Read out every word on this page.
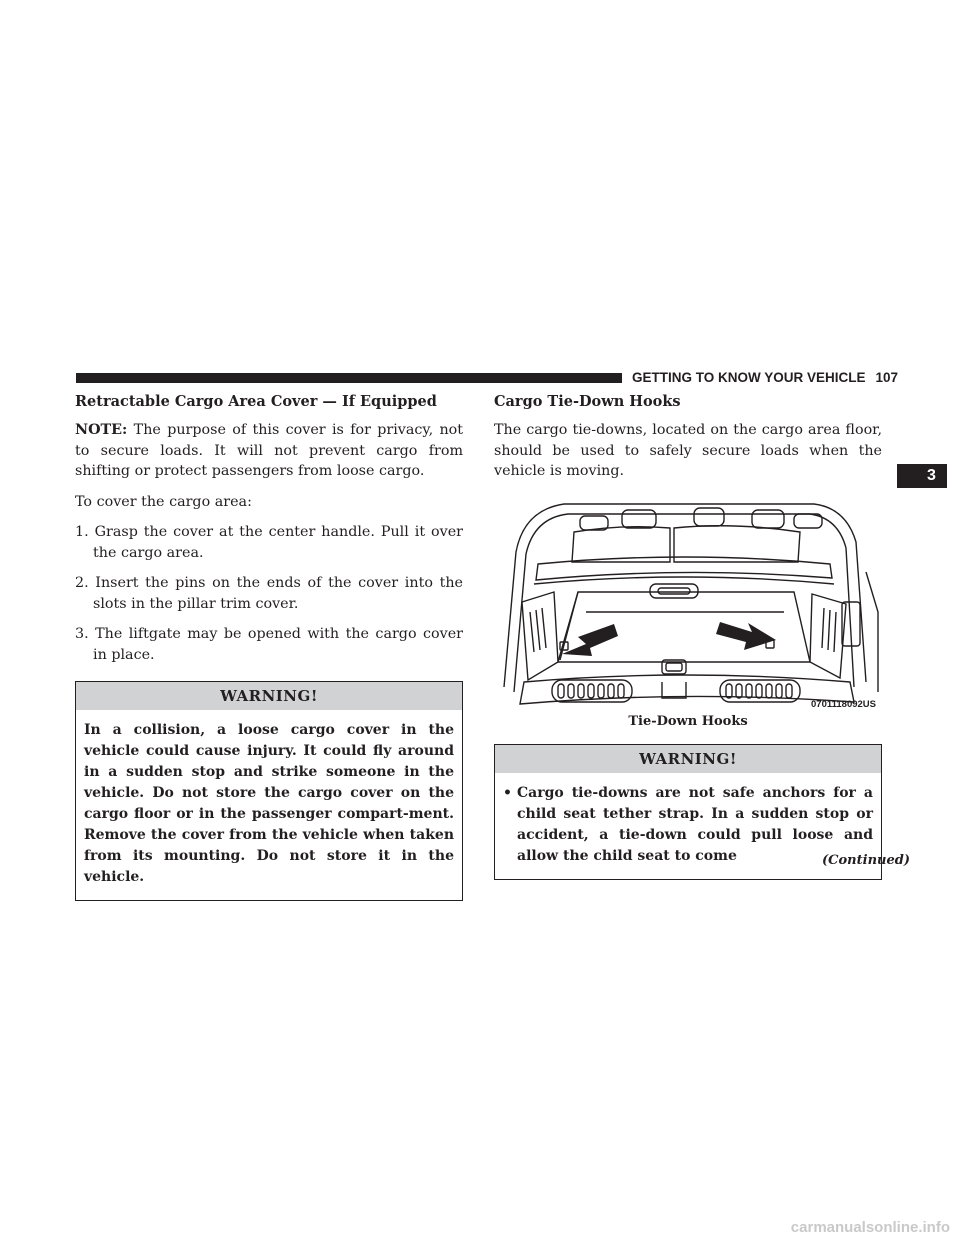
GETTING TO KNOW YOUR VEHICLE 107
3
Retractable Cargo Area Cover — If Equipped

NOTE: The purpose of this cover is for privacy, not to secure loads. It will not prevent cargo from shifting or protect passengers from loose cargo.

To cover the cargo area:

1. Grasp the cover at the center handle. Pull it over the cargo area.
2. Insert the pins on the ends of the cover into the slots in the pillar trim cover.
3. The liftgate may be opened with the cargo cover in place.
WARNING!
In a collision, a loose cargo cover in the vehicle could cause injury. It could fly around in a sudden stop and strike someone in the vehicle. Do not store the cargo cover on the cargo floor or in the passenger compart-ment. Remove the cover from the vehicle when taken from its mounting. Do not store it in the vehicle.
Cargo Tie-Down Hooks

The cargo tie-downs, located on the cargo area floor, should be used to safely secure loads when the vehicle is moving.

0701118092US
Tie-Down Hooks
WARNING!
• Cargo tie-downs are not safe anchors for a child seat tether strap. In a sudden stop or accident, a tie-down could pull loose and allow the child seat to come	(Continued)
carmanualsonline.info
